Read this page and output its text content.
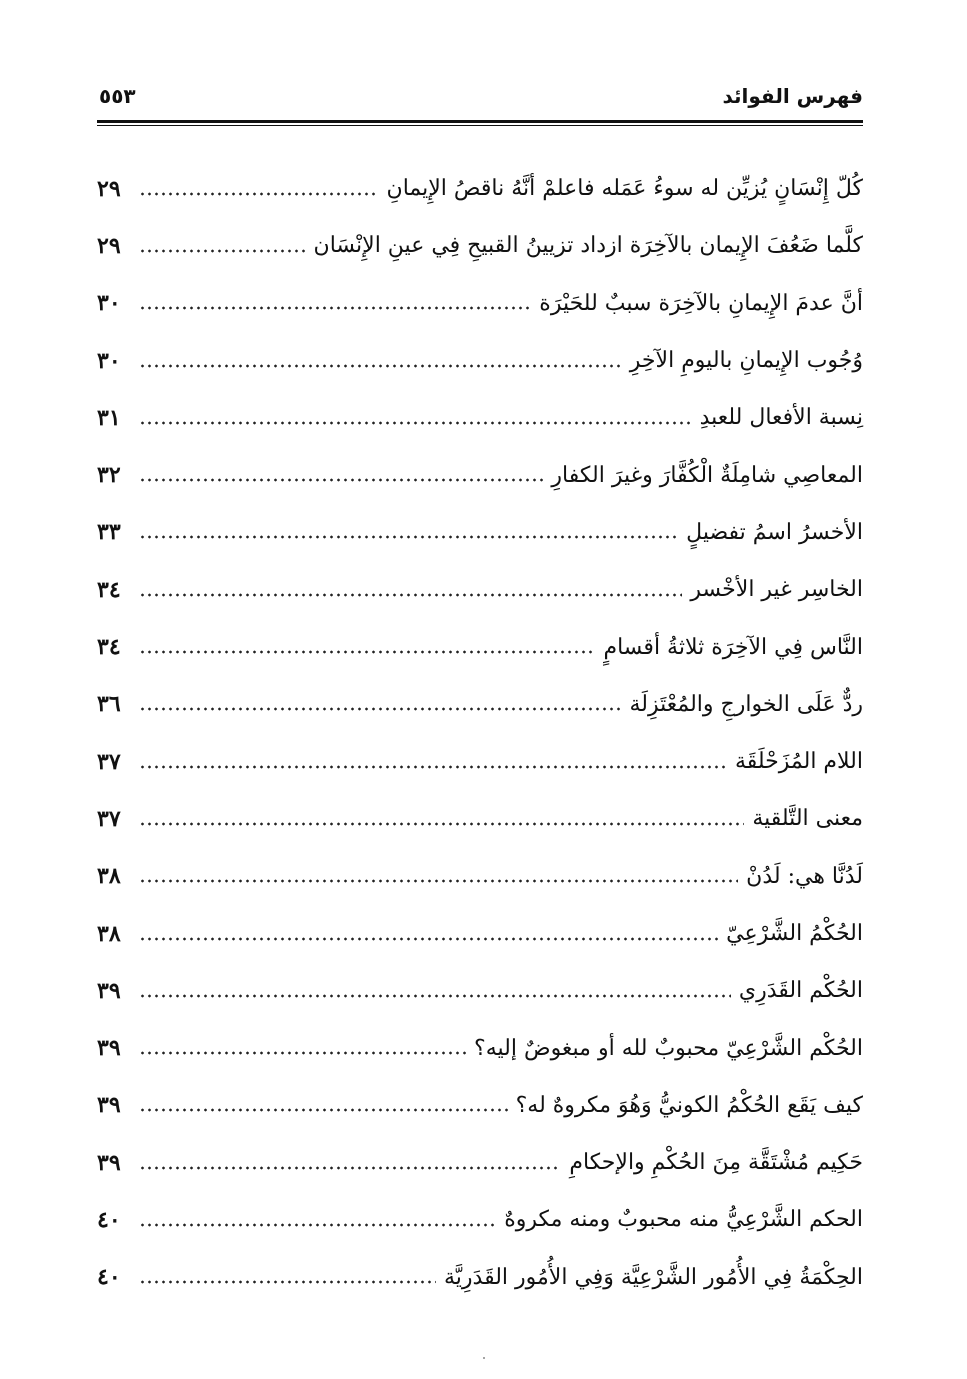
فهرس الفوائد
٥٥٣
كُلّ إِنْسَانٍ يُزيِّن له سوءُ عَمَله فاعلمْ أنَّهُ ناقصُ الإِيمانِ
٢٩
كلَّما ضَعُفَ الإِيمان بالآخِرَة ازداد تزيينُ القبيحِ فِي عينِ الإِنْسَان
٢٩
أنَّ عدمَ الإِيمانِ بالآخِرَة سببٌ للحَيْرَة
٣٠
وُجُوب الإِيمانِ باليومِ الآخِرِ
٣٠
نِسبة الأفعال للعبدِ
٣١
المعاصِي شامِلَةٌ الْكُفَّارَ وغيرَ الكفارِ
٣٢
الأخسرُ اسمُ تفضيلٍ
٣٣
الخاسِر غير الأخْسر
٣٤
النَّاس فِي الآخِرَة ثلاثةُ أقسامٍ
٣٤
ردٌّ عَلَى الخوارجِ والمُعْتَزِلَة
٣٦
اللام المُزَحْلَقَة
٣٧
معنى التَّلقية
٣٧
لَدُنَّا هي: لَدُنْ
٣٨
الحُكْمُ الشَّرْعِيّ
٣٨
الحُكْم القَدَرِي
٣٩
الحُكْم الشَّرْعِيّ محبوبٌ لله أو مبغوضٌ إليه؟
٣٩
كيف يَقَع الحُكْمُ الكونيُّ وَهُوَ مكروهٌ له؟
٣٩
حَكِيم مُشْتَقَّة مِنَ الحُكْمِ والإحكامِ
٣٩
الحكم الشَّرْعِيُّ منه محبوبٌ ومنه مكروهٌ
٤٠
الحِكْمَةُ فِي الأُمُور الشَّرْعِيَّة وَفِي الأُمُور القَدَرِيَّة
٤٠
